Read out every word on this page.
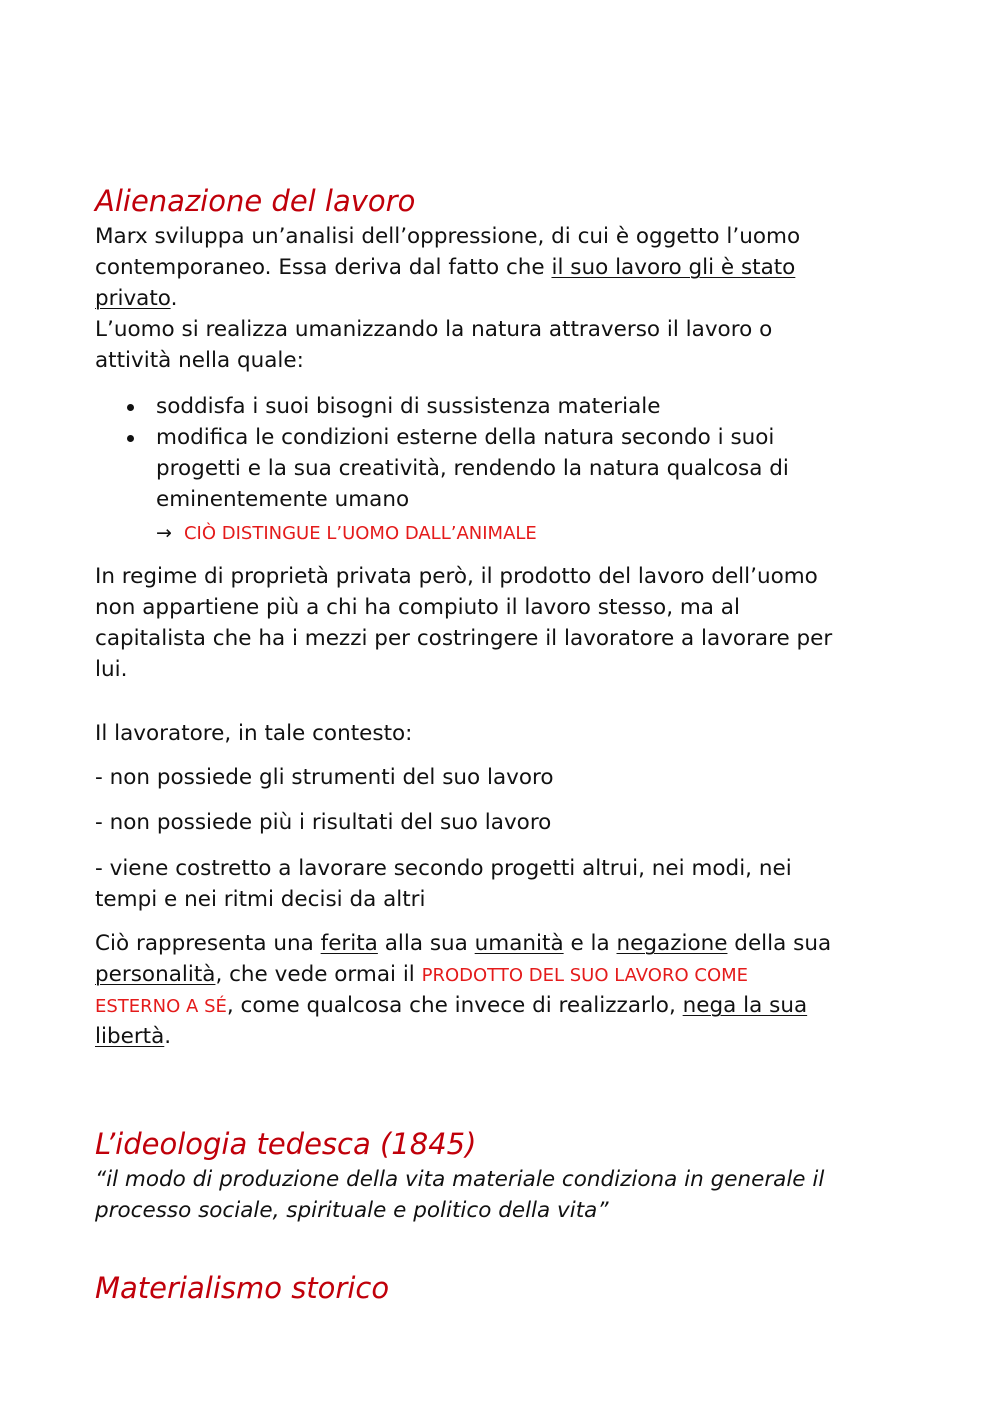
Alienazione del lavoro
Marx sviluppa un’analisi dell’oppressione, di cui è oggetto l’uomo
contemporaneo. Essa deriva dal fatto che il suo lavoro gli è stato
privato.
L’uomo si realizza umanizzando la natura attraverso il lavoro o
attività nella quale:
soddisfa i suoi bisogni di sussistenza materiale
modifica le condizioni esterne della natura secondo i suoi
progetti e la sua creatività, rendendo la natura qualcosa di
eminentemente umano
→ CIÒ DISTINGUE L’UOMO DALL’ANIMALE
In regime di proprietà privata però, il prodotto del lavoro dell’uomo
non appartiene più a chi ha compiuto il lavoro stesso, ma al
capitalista che ha i mezzi per costringere il lavoratore a lavorare per
lui.
Il lavoratore, in tale contesto:
- non possiede gli strumenti del suo lavoro
- non possiede più i risultati del suo lavoro
- viene costretto a lavorare secondo progetti altrui, nei modi, nei
tempi e nei ritmi decisi da altri
Ciò rappresenta una ferita alla sua umanità e la negazione della sua
personalità, che vede ormai il PRODOTTO DEL SUO LAVORO COME
ESTERNO A SÉ, come qualcosa che invece di realizzarlo, nega la sua
libertà.
L’ideologia tedesca (1845)
“il modo di produzione della vita materiale condiziona in generale il
processo sociale, spirituale e politico della vita”
Materialismo storico
